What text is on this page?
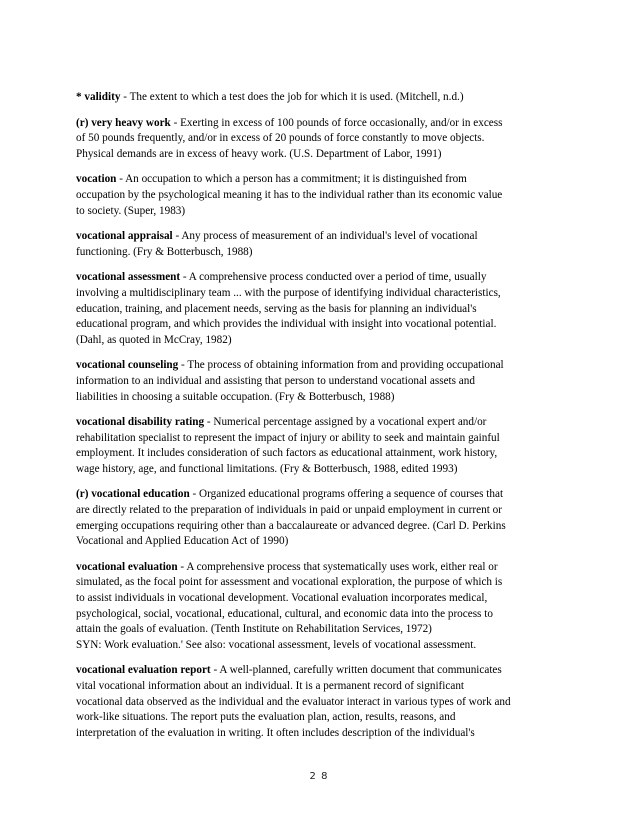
* validity - The extent to which a test does the job for which it is used. (Mitchell, n.d.)
(r) very heavy work - Exerting in excess of 100 pounds of force occasionally, and/or in excess
of 50 pounds frequently, and/or in excess of 20 pounds of force constantly to move objects.
Physical demands are in excess of heavy work. (U.S. Department of Labor, 1991)
vocation - An occupation to which a person has a commitment; it is distinguished from
occupation by the psychological meaning it has to the individual rather than its economic value
to society. (Super, 1983)
vocational appraisal - Any process of measurement of an individual's level of vocational
functioning. (Fry & Botterbusch, 1988)
vocational assessment - A comprehensive process conducted over a period of time, usually
involving a multidisciplinary team ... with the purpose of identifying individual characteristics,
education, training, and placement needs, serving as the basis for planning an individual's
educational program, and which provides the individual with insight into vocational potential.
(Dahl, as quoted in McCray, 1982)
vocational counseling - The process of obtaining information from and providing occupational
information to an individual and assisting that person to understand vocational assets and
liabilities in choosing a suitable occupation. (Fry & Botterbusch, 1988)
vocational disability rating - Numerical percentage assigned by a vocational expert and/or
rehabilitation specialist to represent the impact of injury or ability to seek and maintain gainful
employment. It includes consideration of such factors as educational attainment, work history,
wage history, age, and functional limitations. (Fry & Botterbusch, 1988, edited 1993)
(r) vocational education - Organized educational programs offering a sequence of courses that
are directly related to the preparation of individuals in paid or unpaid employment in current or
emerging occupations requiring other than a baccalaureate or advanced degree. (Carl D. Perkins
Vocational and Applied Education Act of 1990)
vocational evaluation - A comprehensive process that systematically uses work, either real or
simulated, as the focal point for assessment and vocational exploration, the purpose of which is
to assist individuals in vocational development. Vocational evaluation incorporates medical,
psychological, social, vocational, educational, cultural, and economic data into the process to
attain the goals of evaluation. (Tenth Institute on Rehabilitation Services, 1972)
SYN: Work evaluation.' See also: vocational assessment, levels of vocational assessment.
vocational evaluation report - A well-planned, carefully written document that communicates
vital vocational information about an individual. It is a permanent record of significant
vocational data observed as the individual and the evaluator interact in various types of work and
work-like situations. The report puts the evaluation plan, action, results, reasons, and
interpretation of the evaluation in writing. It often includes description of the individual's
2 8
